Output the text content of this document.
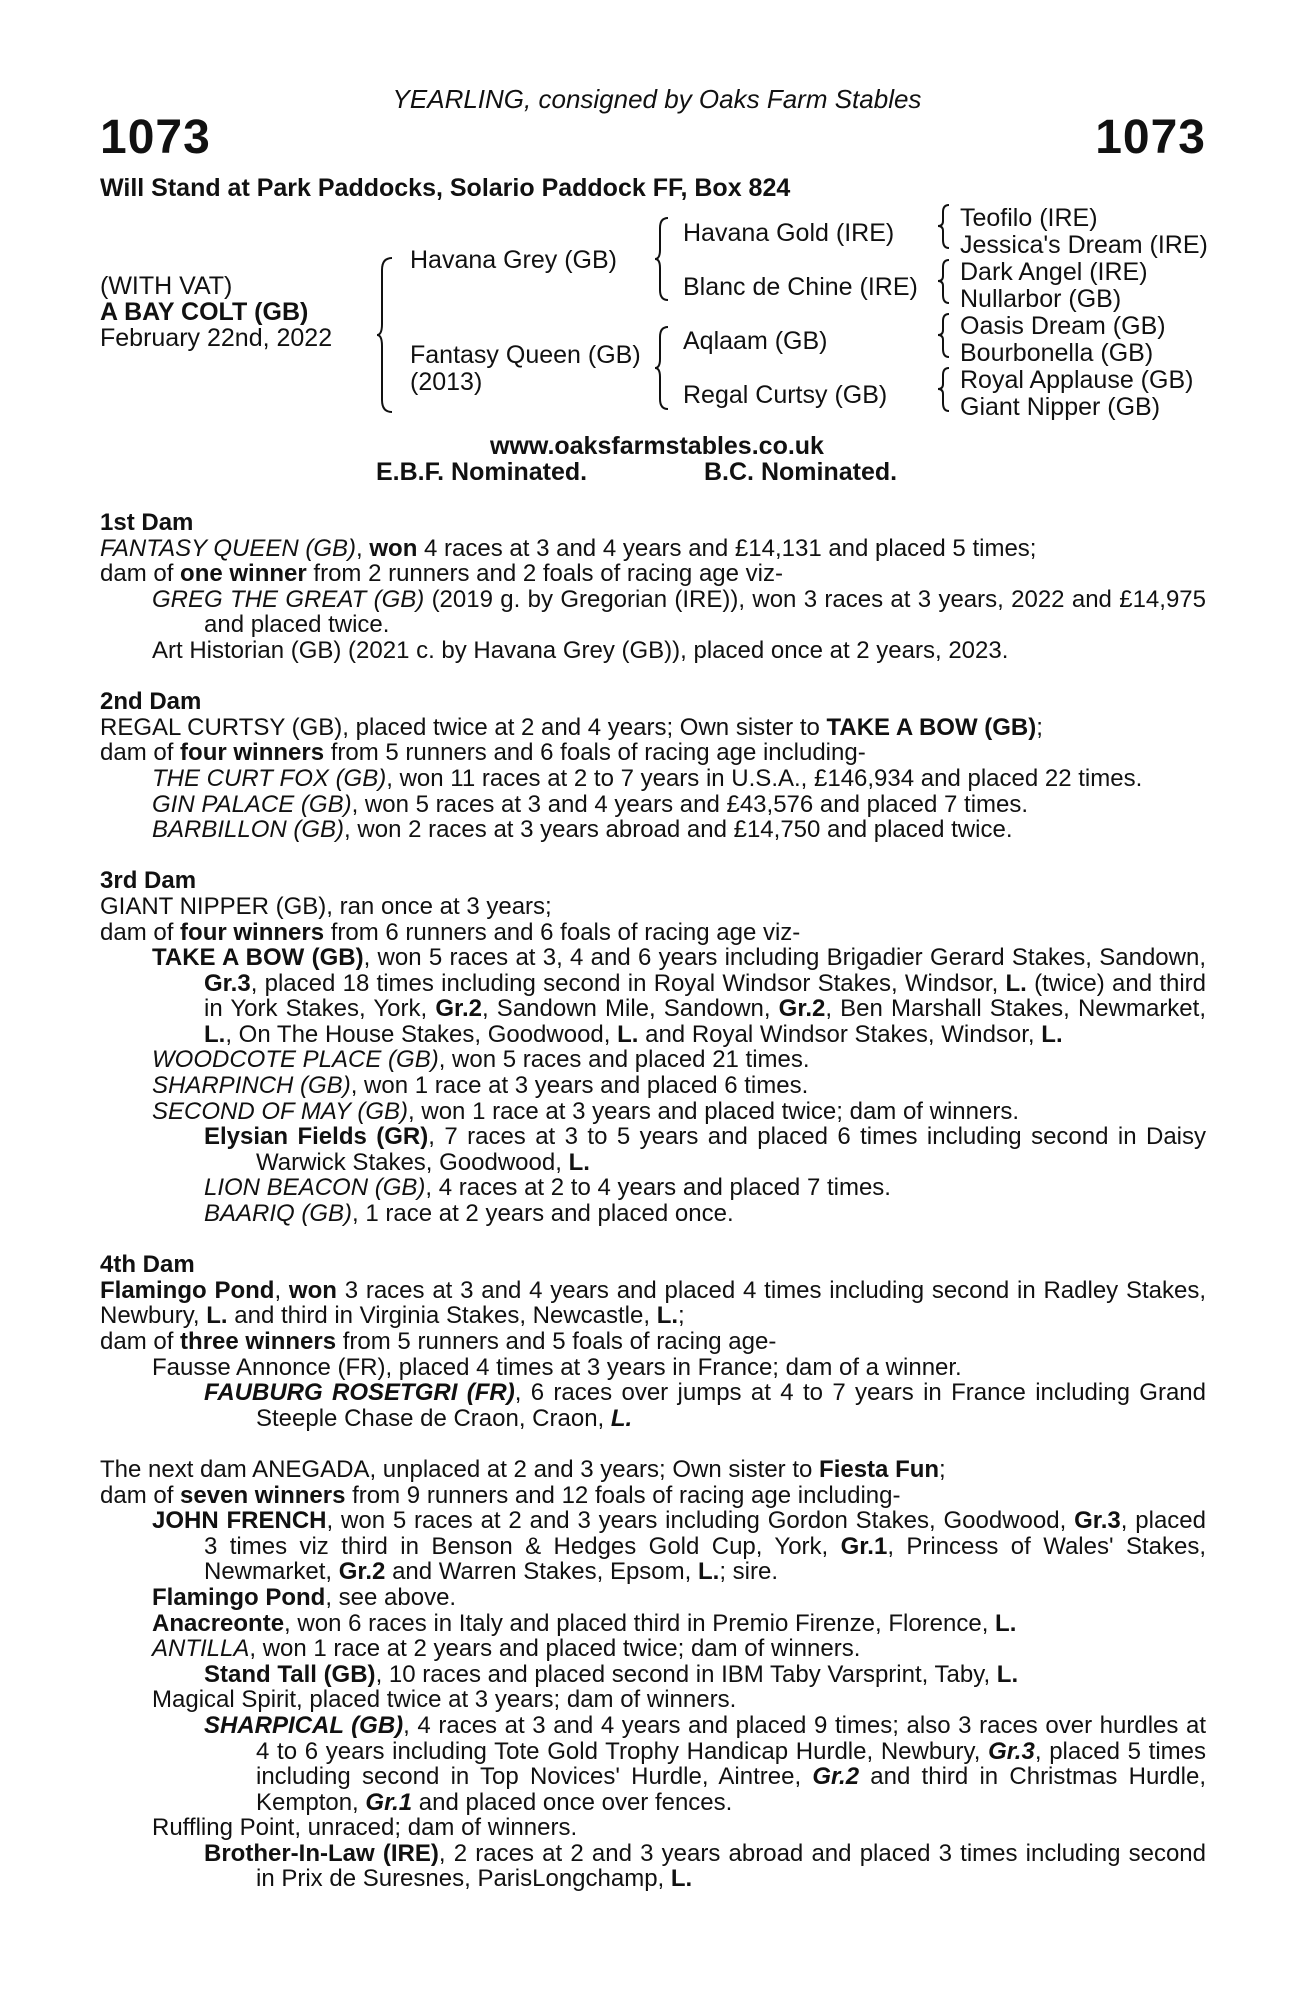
YEARLING, consigned by Oaks Farm Stables
1073	1073
Will Stand at Park Paddocks, Solario Paddock FF, Box 824
(WITH VAT)
A BAY COLT (GB)
February 22nd, 2022
Havana Grey (GB)
Fantasy Queen (GB)
(2013)
Havana Gold (IRE)
Blanc de Chine (IRE)
Aqlaam (GB)
Regal Curtsy (GB)
Teofilo (IRE)
Jessica's Dream (IRE)
Dark Angel (IRE)
Nullarbor (GB)
Oasis Dream (GB)
Bourbonella (GB)
Royal Applause (GB)
Giant Nipper (GB)
www.oaksfarmstables.co.uk
E.B.F. Nominated.	B.C. Nominated.
1st Dam
FANTASY QUEEN (GB), won 4 races at 3 and 4 years and £14,131 and placed 5 times;
dam of one winner from 2 runners and 2 foals of racing age viz-
GREG THE GREAT (GB) (2019 g. by Gregorian (IRE)), won 3 races at 3 years, 2022 and £14,975 and placed twice.
Art Historian (GB) (2021 c. by Havana Grey (GB)), placed once at 2 years, 2023.
2nd Dam
REGAL CURTSY (GB), placed twice at 2 and 4 years; Own sister to TAKE A BOW (GB);
dam of four winners from 5 runners and 6 foals of racing age including-
THE CURT FOX (GB), won 11 races at 2 to 7 years in U.S.A., £146,934 and placed 22 times.
GIN PALACE (GB), won 5 races at 3 and 4 years and £43,576 and placed 7 times.
BARBILLON (GB), won 2 races at 3 years abroad and £14,750 and placed twice.
3rd Dam
GIANT NIPPER (GB), ran once at 3 years;
dam of four winners from 6 runners and 6 foals of racing age viz-
TAKE A BOW (GB), won 5 races at 3, 4 and 6 years including Brigadier Gerard Stakes, Sandown, Gr.3, placed 18 times including second in Royal Windsor Stakes, Windsor, L. (twice) and third in York Stakes, York, Gr.2, Sandown Mile, Sandown, Gr.2, Ben Marshall Stakes, Newmarket, L., On The House Stakes, Goodwood, L. and Royal Windsor Stakes, Windsor, L.
WOODCOTE PLACE (GB), won 5 races and placed 21 times.
SHARPINCH (GB), won 1 race at 3 years and placed 6 times.
SECOND OF MAY (GB), won 1 race at 3 years and placed twice; dam of winners.
Elysian Fields (GR), 7 races at 3 to 5 years and placed 6 times including second in Daisy Warwick Stakes, Goodwood, L.
LION BEACON (GB), 4 races at 2 to 4 years and placed 7 times.
BAARIQ (GB), 1 race at 2 years and placed once.
4th Dam
Flamingo Pond, won 3 races at 3 and 4 years and placed 4 times including second in Radley Stakes, Newbury, L. and third in Virginia Stakes, Newcastle, L.;
dam of three winners from 5 runners and 5 foals of racing age-
Fausse Annonce (FR), placed 4 times at 3 years in France; dam of a winner.
FAUBURG ROSETGRI (FR), 6 races over jumps at 4 to 7 years in France including Grand Steeple Chase de Craon, Craon, L.
The next dam ANEGADA, unplaced at 2 and 3 years; Own sister to Fiesta Fun;
dam of seven winners from 9 runners and 12 foals of racing age including-
JOHN FRENCH, won 5 races at 2 and 3 years including Gordon Stakes, Goodwood, Gr.3, placed 3 times viz third in Benson & Hedges Gold Cup, York, Gr.1, Princess of Wales' Stakes, Newmarket, Gr.2 and Warren Stakes, Epsom, L.; sire.
Flamingo Pond, see above.
Anacreonte, won 6 races in Italy and placed third in Premio Firenze, Florence, L.
ANTILLA, won 1 race at 2 years and placed twice; dam of winners.
Stand Tall (GB), 10 races and placed second in IBM Taby Varsprint, Taby, L.
Magical Spirit, placed twice at 3 years; dam of winners.
SHARPICAL (GB), 4 races at 3 and 4 years and placed 9 times; also 3 races over hurdles at 4 to 6 years including Tote Gold Trophy Handicap Hurdle, Newbury, Gr.3, placed 5 times including second in Top Novices' Hurdle, Aintree, Gr.2 and third in Christmas Hurdle, Kempton, Gr.1 and placed once over fences.
Ruffling Point, unraced; dam of winners.
Brother-In-Law (IRE), 2 races at 2 and 3 years abroad and placed 3 times including second in Prix de Suresnes, ParisLongchamp, L.
